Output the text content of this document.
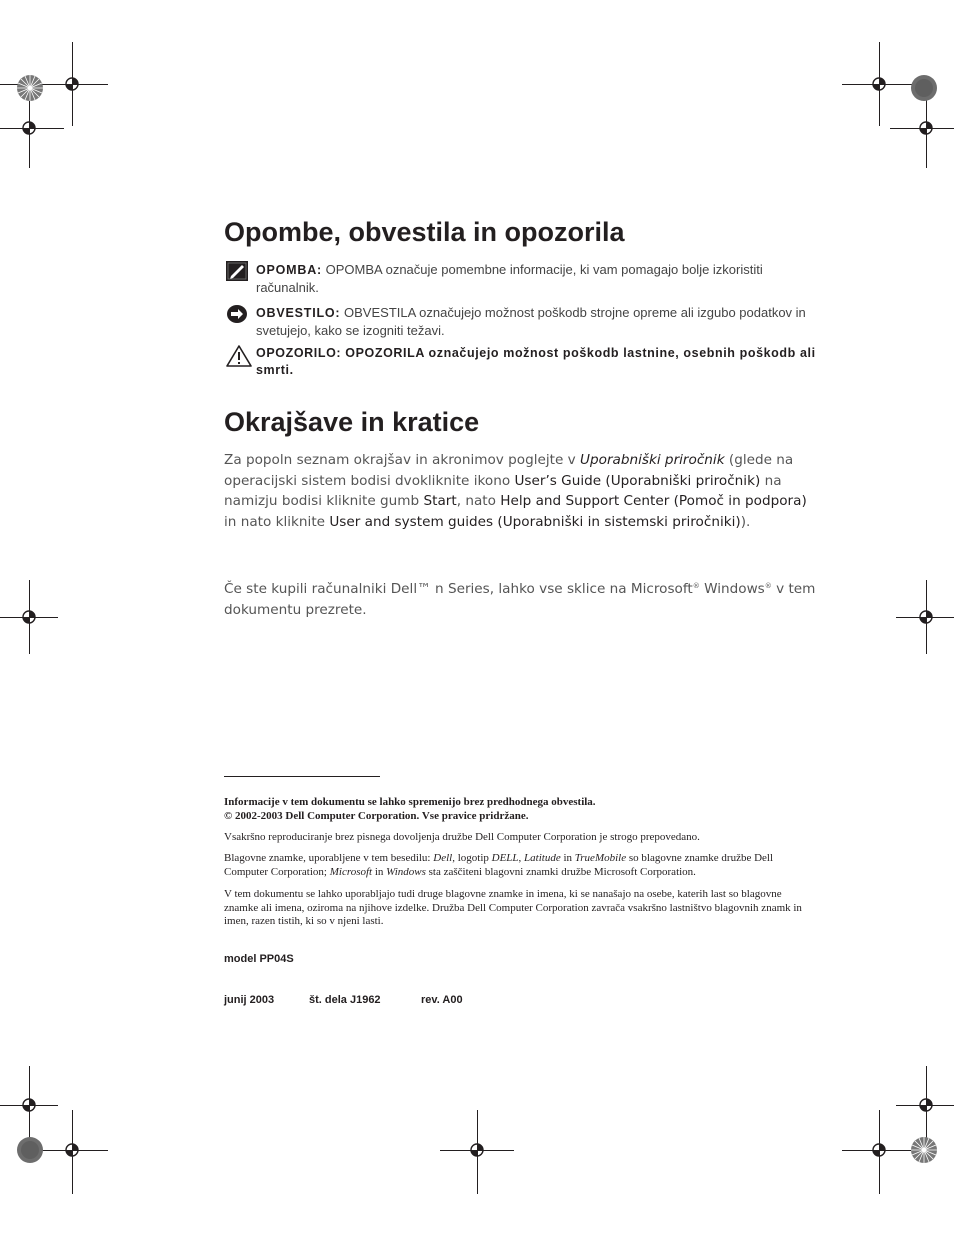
Opombe, obvestila in opozorila
OPOMBA: OPOMBA označuje pomembne informacije, ki vam pomagajo bolje izkoristiti računalnik.
OBVESTILO: OBVESTILA označujejo možnost poškodb strojne opreme ali izgubo podatkov in svetujejo, kako se izogniti težavi.
OPOZORILO: OPOZORILA označujejo možnost poškodb lastnine, osebnih poškodb ali smrti.
Okrajšave in kratice
Za popoln seznam okrajšav in akronimov poglejte v Uporabniški priročnik (glede na operacijski sistem bodisi dvokliknite ikono User’s Guide (Uporabniški priročnik) na namizju bodisi kliknite gumb Start, nato Help and Support Center (Pomoč in podpora) in nato kliknite User and system guides (Uporabniški in sistemski priročniki)).
Če ste kupili računalniki Dell™ n Series, lahko vse sklice na Microsoft® Windows® v tem dokumentu prezrete.
Informacije v tem dokumentu se lahko spremenijo brez predhodnega obvestila.
© 2002-2003 Dell Computer Corporation. Vse pravice pridržane.
Vsakršno reproduciranje brez pisnega dovoljenja družbe Dell Computer Corporation je strogo prepovedano.
Blagovne znamke, uporabljene v tem besedilu: Dell, logotip DELL, Latitude in TrueMobile so blagovne znamke družbe Dell Computer Corporation; Microsoft in Windows sta zaščiteni blagovni znamki družbe Microsoft Corporation.
V tem dokumentu se lahko uporabljajo tudi druge blagovne znamke in imena, ki se nanašajo na osebe, katerih last so blagovne znamke ali imena, oziroma na njihove izdelke. Družba Dell Computer Corporation zavrača vsakršno lastništvo blagovnih znamk in imen, razen tistih, ki so v njeni lasti.
model PP04S
junij 2003	št. dela J1962	rev. A00
